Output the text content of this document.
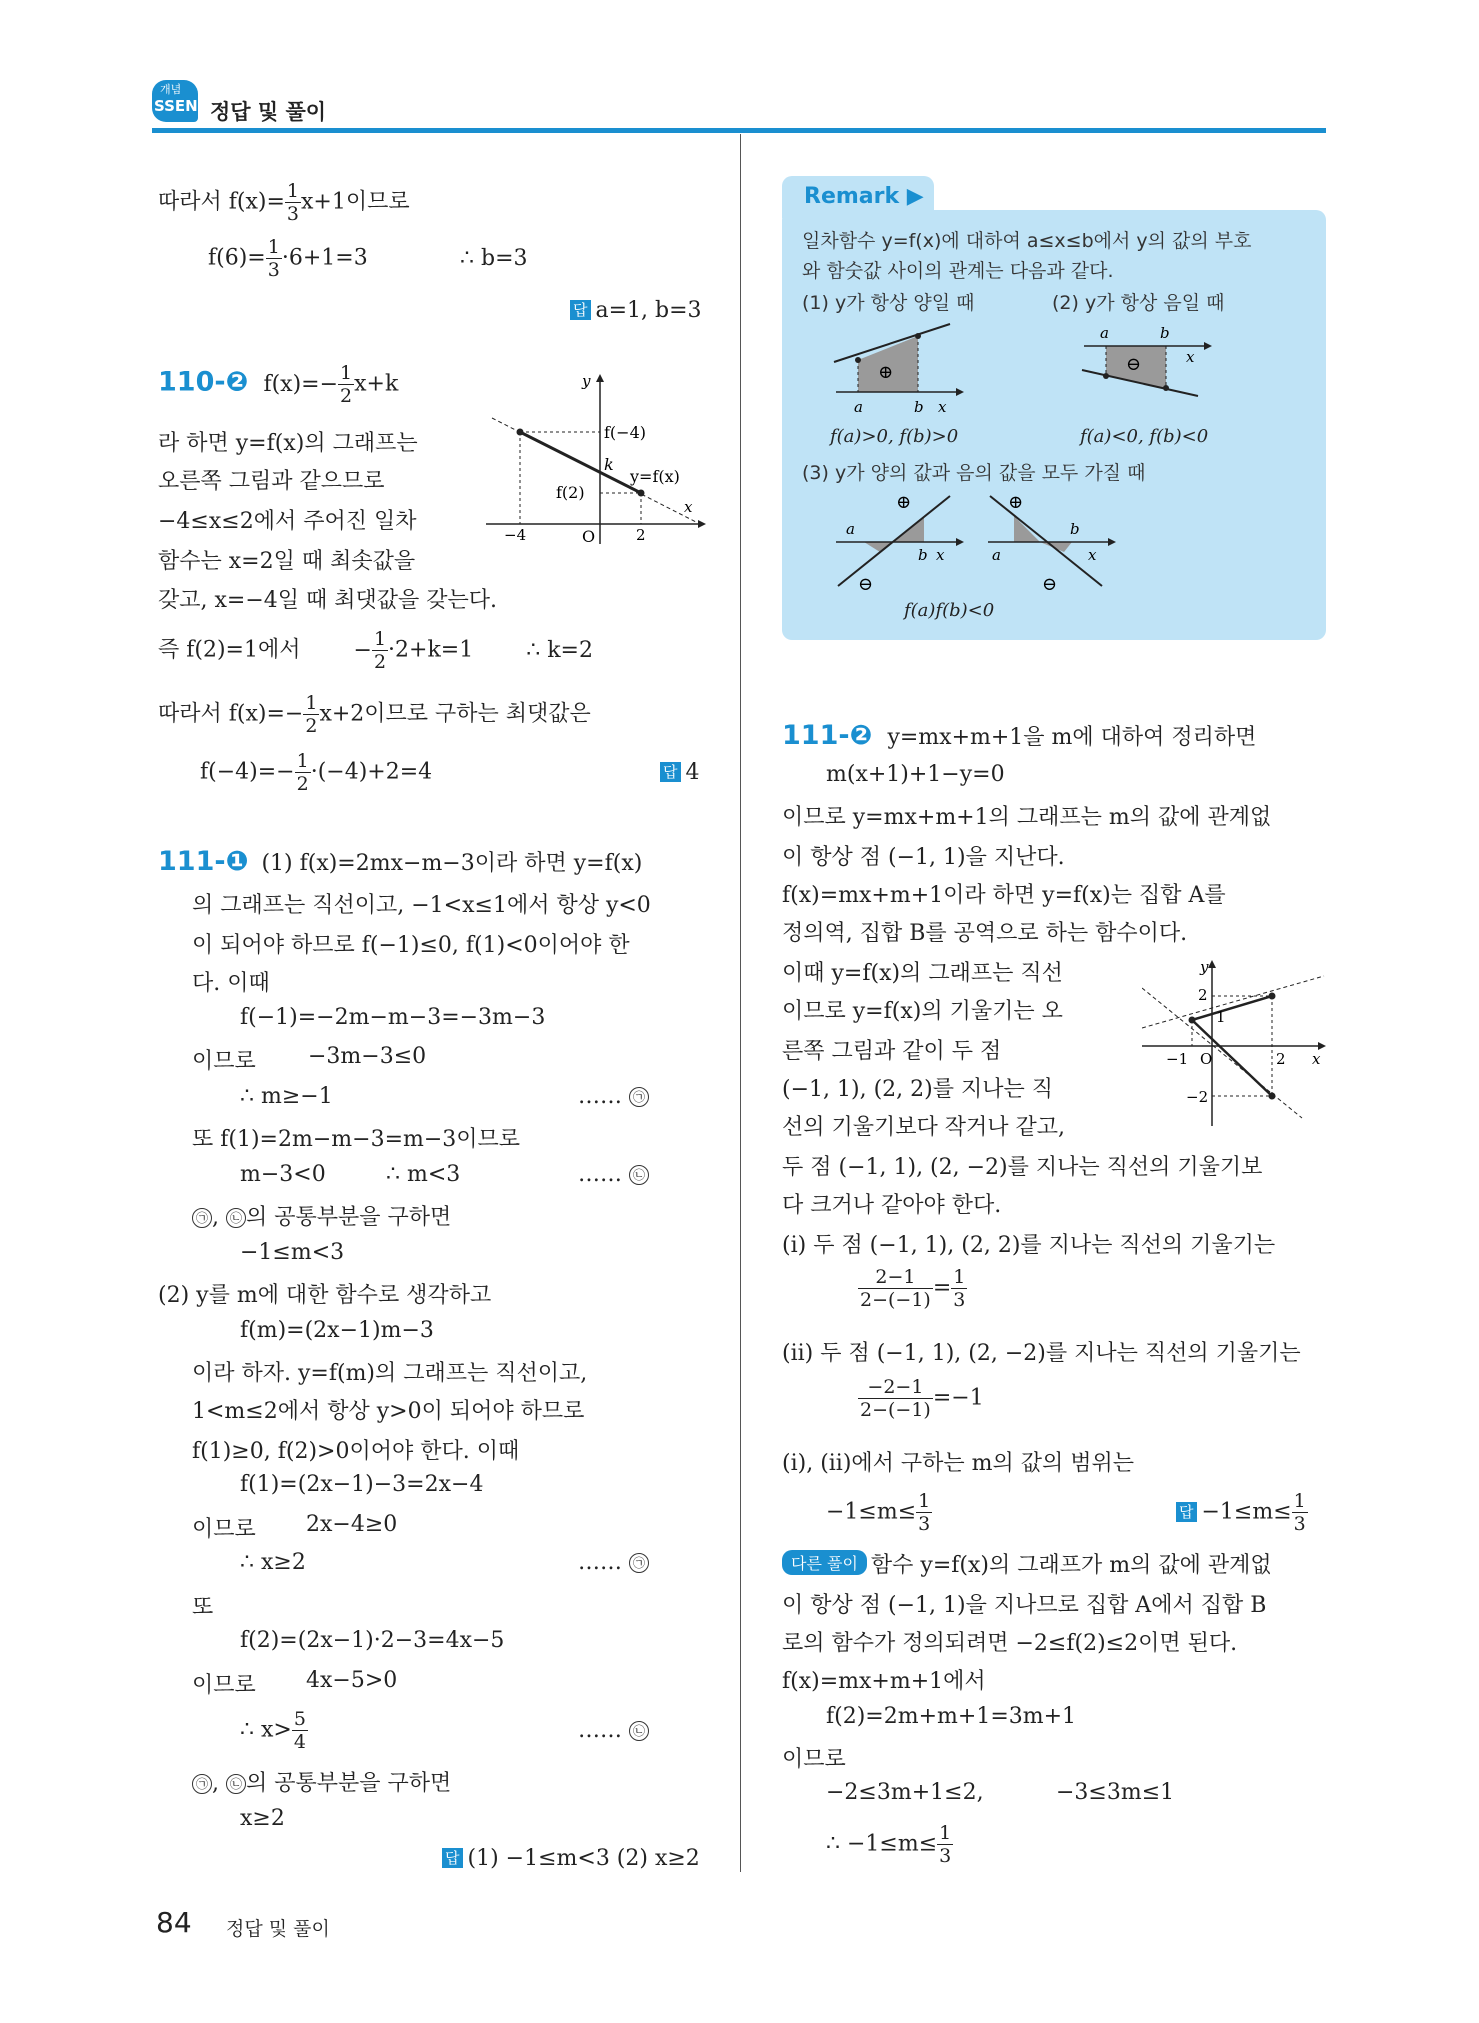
개념
SSEN 정답 및 풀이
따라서 $f(x)= \frac{1}{3} x+1$이므로
$f(6)= \frac{1}{3} \cdot 6+1=3$	∴ b=3
답 a=1, b=3
110-❷ $f(x)=- \frac{1}{2} x+k$
라 하면 y=f(x)의 그래프는
오른쪽 그림과 같으므로
−4≤x≤2에서 주어진 일차
함수는 x=2일 때 최솟값을
갖고, x=−4일 때 최댓값을 갖는다.
y
x
f(−4)
k
y=f(x)
f(2)
−4	O	2
즉 f(2)=1에서 − $\frac{1}{2} \cdot 2+k=1$ ∴ k=2
따라서 $f(x)=- \frac{1}{2} x+2$이므로 구하는 최댓값은
$f(-4)=- \frac{1}{2} \cdot(-4)+2=4$	답 4
111-❶ (1) f(x)=2mx−m−3이라 하면 y=f(x)
의 그래프는 직선이고, −1<x≤1에서 항상 y<0
이 되어야 하므로 f(−1)≤0, f(1)<0이어야 한
다. 이때
f(−1)=−2m−m−3=−3m−3
이므로 −3m−3≤0
∴ m≥−1	…… ㉠
또 f(1)=2m−m−3=m−3이므로
m−3<0	∴ m<3	…… ㉡
㉠ , ㉡ 의 공통부분을 구하면
−1≤m<3
(2) y를 m에 대한 함수로 생각하고
f(m)=(2x−1)m−3
이라 하자. y=f(m)의 그래프는 직선이고,
1<m≤2에서 항상 y>0이 되어야 하므로
f(1)≥0, f(2)>0이어야 한다. 이때
f(1)=(2x−1)−3=2x−4
이므로 2x−4≥0
∴ x≥2	…… ㉠
또
f(2)=(2x−1)·2−3=4x−5
이므로 4x−5>0
∴ $x> \frac{5}{4}$	…… ㉡
㉠ , ㉡ 의 공통부분을 구하면
x≥2
답 (1) −1≤m<3 (2) x≥2
Remark ▶
일차함수 y=f(x)에 대하여 a≤x≤b에서 y의 값의 부호
와 함숫값 사이의 관계는 다음과 같다.
(1) y가 항상 양일 때	(2) y가 항상 음일 때
⊕
a	b x
f(a)>0, f(b)>0
⊖
a	b
x
f(a)<0, f(b)<0
(3) y가 양의 값과 음의 값을 모두 가질 때
⊕
⊖
a
b x
⊕
⊖
a
b
x
f(a)f(b)<0
111-❷ y=mx+m+1을 m에 대하여 정리하면
m(x+1)+1−y=0
이므로 y=mx+m+1의 그래프는 m의 값에 관계없
이 항상 점 (−1, 1)을 지난다.
f(x)=mx+m+1이라 하면 y=f(x)는 집합 A를
정의역, 집합 B를 공역으로 하는 함수이다.
이때 y=f(x)의 그래프는 직선
이므로 y=f(x)의 기울기는 오
른쪽 그림과 같이 두 점
(−1, 1), (2, 2)를 지나는 직
선의 기울기보다 작거나 같고,
y
x
2
1
−1 O
−2
2
두 점 (−1, 1), (2, −2)를 지나는 직선의 기울기보
다 크거나 같아야 한다.
(i) 두 점 (−1, 1), (2, 2)를 지나는 직선의 기울기는
$\frac{2-1}{2-(-1)} = \frac{1}{3}$
(ii) 두 점 (−1, 1), (2, −2)를 지나는 직선의 기울기는
$\frac{-2-1}{2-(-1)} =-1$
(i), (ii)에서 구하는 m의 값의 범위는
$-1\le m\le \frac{1}{3}$	답 $-1\le m\le \frac{1}{3}$
다른 풀이 함수 y=f(x)의 그래프가 m의 값에 관계없
이 항상 점 (−1, 1)을 지나므로 집합 A에서 집합 B
로의 함수가 정의되려면 −2≤f(2)≤2이면 된다.
f(x)=mx+m+1에서
f(2)=2m+m+1=3m+1
이므로
−2≤3m+1≤2,	−3≤3m≤1
∴ $-1\le m\le \frac{1}{3}$
84 정답 및 풀이
